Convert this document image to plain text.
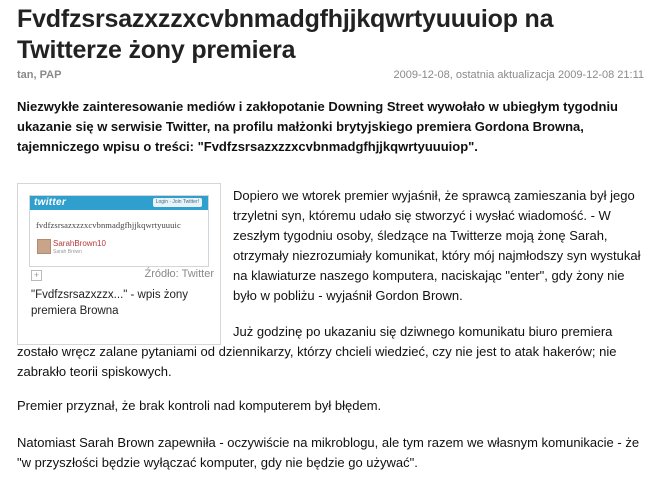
Fvdfzsrsazxzzxcvbnmadgfhjjkqwrtyuuuiop na Twitterze żony premiera
tan, PAP	2009-12-08, ostatnia aktualizacja 2009-12-08 21:11

Niezwykłe zainteresowanie mediów i zakłopotanie Downing Street wywołało w ubiegłym tygodniu ukazanie się w serwisie Twitter, na profilu małżonki brytyjskiego premiera Gordona Browna, tajemniczego wpisu o treści: "Fvdfzsrsazxzzxcvbnmadgfhjjkqwrtyuuuiop".

twitter	Login · Join Twitter!
fvdfzsrsazxzzxcvbnmadgfhjjkqwrtyuuuic
SarahBrown10
Sarah Brown
+	Źródło: Twitter

"Fvdfzsrsazxzzx..." - wpis żony premiera Browna

Dopiero we wtorek premier wyjaśnił, że sprawcą zamieszania był jego trzyletni syn, któremu udało się stworzyć i wysłać wiadomość. - W zeszłym tygodniu osoby, śledzące na Twitterze moją żonę Sarah, otrzymały niezrozumiały komunikat, który mój najmłodszy syn wystukał na klawiaturze naszego komputera, naciskając "enter", gdy żony nie było w pobliżu - wyjaśnił Gordon Brown.

Już godzinę po ukazaniu się dziwnego komunikatu biuro premiera zostało wręcz zalane pytaniami od dziennikarzy, którzy chcieli wiedzieć, czy nie jest to atak hakerów; nie zabrakło teorii spiskowych.

Premier przyznał, że brak kontroli nad komputerem był błędem.

Natomiast Sarah Brown zapewniła - oczywiście na mikroblogu, ale tym razem we własnym komunikacie - że "w przyszłości będzie wyłączać komputer, gdy nie będzie go używać".
